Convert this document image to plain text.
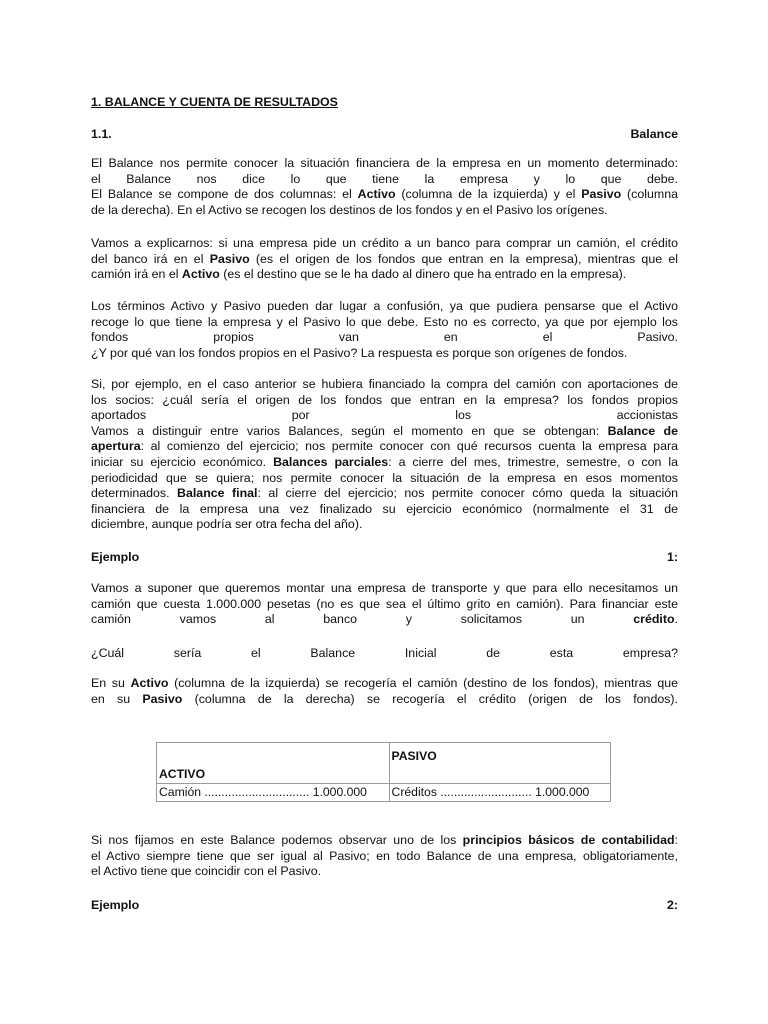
1. BALANCE Y CUENTA DE RESULTADOS
1.1.	Balance
El Balance nos permite conocer la situación financiera de la empresa en un momento determinado:
el Balance nos dice lo que tiene la empresa y lo que debe.
El Balance se compone de dos columnas: el Activo (columna de la izquierda) y el Pasivo (columna
de la derecha). En el Activo se recogen los destinos de los fondos y en el Pasivo los orígenes.
Vamos a explicarnos: si una empresa pide un crédito a un banco para comprar un camión, el crédito
del banco irá en el Pasivo (es el origen de los fondos que entran en la empresa), mientras que el
camión irá en el Activo (es el destino que se le ha dado al dinero que ha entrado en la empresa).
Los términos Activo y Pasivo pueden dar lugar a confusión, ya que pudiera pensarse que el Activo
recoge lo que tiene la empresa y el Pasivo lo que debe. Esto no es correcto, ya que por ejemplo los
fondos propios van en el Pasivo.
¿Y por qué van los fondos propios en el Pasivo? La respuesta es porque son orígenes de fondos.
Si, por ejemplo, en el caso anterior se hubiera financiado la compra del camión con aportaciones de
los socios: ¿cuál sería el origen de los fondos que entran en la empresa? los fondos propios
aportados por los accionistas
Vamos a distinguir entre varios Balances, según el momento en que se obtengan: Balance de
apertura: al comienzo del ejercicio; nos permite conocer con qué recursos cuenta la empresa para
iniciar su ejercicio económico. Balances parciales: a cierre del mes, trimestre, semestre, o con la
periodicidad que se quiera; nos permite conocer la situación de la empresa en esos momentos
determinados. Balance final: al cierre del ejercicio; nos permite conocer cómo queda la situación
financiera de la empresa una vez finalizado su ejercicio económico (normalmente el 31 de
diciembre, aunque podría ser otra fecha del año).
Ejemplo	1:
Vamos a suponer que queremos montar una empresa de transporte y que para ello necesitamos un
camión que cuesta 1.000.000 pesetas (no es que sea el último grito en camión). Para financiar este
camión vamos al banco y solicitamos un crédito.
¿Cuál sería el Balance Inicial de esta empresa?
En su Activo (columna de la izquierda) se recogería el camión (destino de los fondos), mientras que
en su Pasivo (columna de la derecha) se recogería el crédito (origen de los fondos).
ACTIVO	PASIVO
Camión ............................... 1.000.000	Créditos ........................... 1.000.000
Si nos fijamos en este Balance podemos observar uno de los principios básicos de contabilidad:
el Activo siempre tiene que ser igual al Pasivo; en todo Balance de una empresa, obligatoriamente,
el Activo tiene que coincidir con el Pasivo.
Ejemplo	2:
